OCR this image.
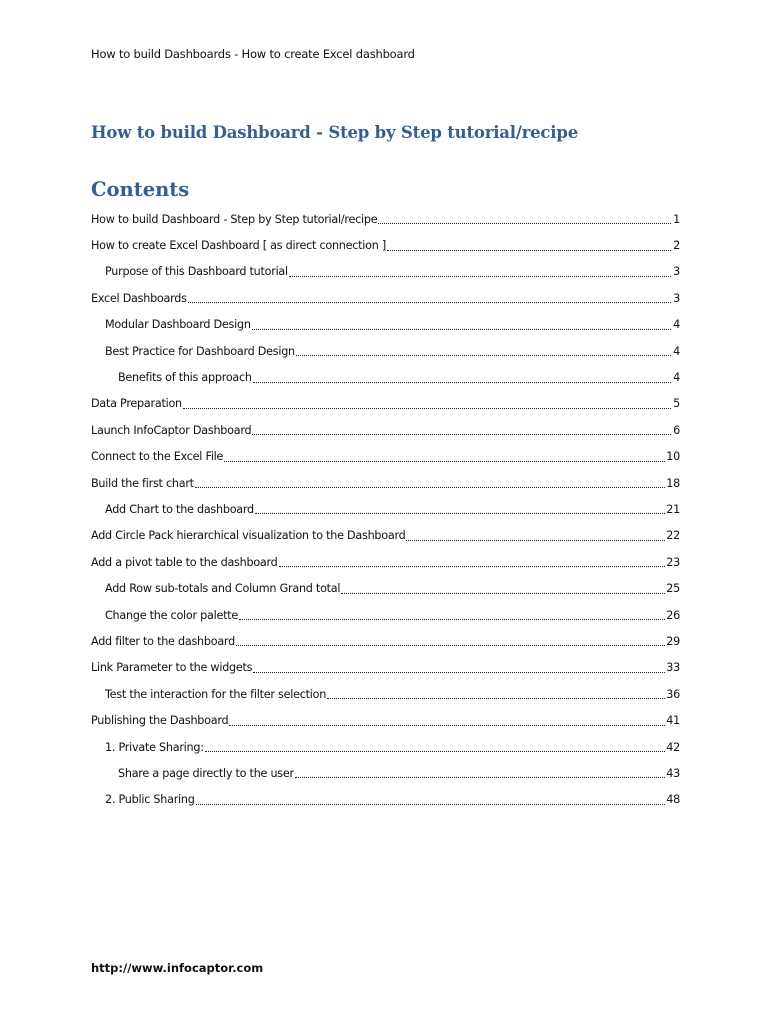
How to build Dashboards - How to create Excel dashboard
How to build Dashboard - Step by Step tutorial/recipe
Contents
How to build Dashboard - Step by Step tutorial/recipe	1
How to create Excel Dashboard [ as direct connection ]	2
Purpose of this Dashboard tutorial	3
Excel Dashboards	3
Modular Dashboard Design	4
Best Practice for Dashboard Design	4
Benefits of this approach	4
Data Preparation	5
Launch InfoCaptor Dashboard	6
Connect to the Excel File	10
Build the first chart	18
Add Chart to the dashboard	21
Add Circle Pack hierarchical visualization to the Dashboard	22
Add a pivot table to the dashboard	23
Add Row sub-totals and Column Grand total	25
Change the color palette	26
Add filter to the dashboard	29
Link Parameter to the widgets	33
Test the interaction for the filter selection	36
Publishing the Dashboard	41
1. Private Sharing:	42
Share a page directly to the user	43
2. Public Sharing	48
http://www.infocaptor.com
